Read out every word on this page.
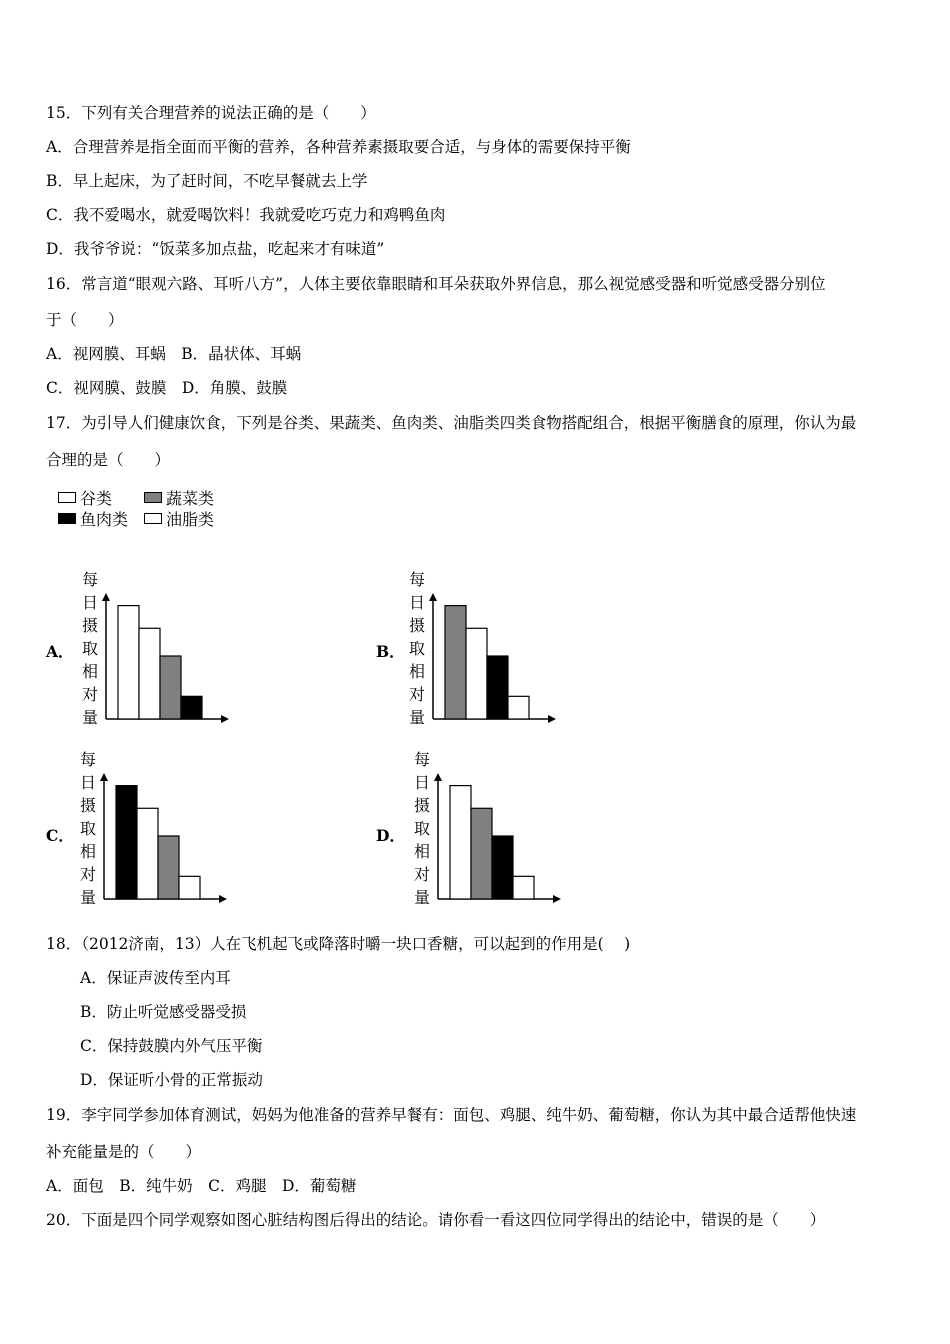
15．下列有关合理营养的说法正确的是（　　）
A．合理营养是指全面而平衡的营养，各种营养素摄取要合适，与身体的需要保持平衡
B．早上起床，为了赶时间，不吃早餐就去上学
C．我不爱喝水，就爱喝饮料！我就爱吃巧克力和鸡鸭鱼肉
D．我爷爷说：“饭菜多加点盐，吃起来才有味道”
16．常言道“眼观六路、耳听八方”，人体主要依靠眼睛和耳朵获取外界信息，那么视觉感受器和听觉感受器分别位
于（　　）
A．视网膜、耳蜗　B．晶状体、耳蜗
C．视网膜、鼓膜　D．角膜、鼓膜
17．为引导人们健康饮食，下列是谷类、果蔬类、鱼肉类、油脂类四类食物搭配组合，根据平衡膳食的原理，你认为最
合理的是（　　）
谷类	蔬菜类
鱼肉类 油脂类
A．	B．
C．	D．
每
日
摄
取
相
对
量
每
日
摄
取
相
对
量
每
日
摄
取
相
对
量
每
日
摄
取
相
对
量
18．（2012济南，13）人在飞机起飞或降落时嚼一块口香糖，可以起到的作用是(　 )
A．保证声波传至内耳
B．防止听觉感受器受损
C．保持鼓膜内外气压平衡
D．保证听小骨的正常振动
19．李宇同学参加体育测试，妈妈为他准备的营养早餐有：面包、鸡腿、纯牛奶、葡萄糖，你认为其中最合适帮他快速
补充能量是的（　　）
A．面包　B．纯牛奶　C．鸡腿　D．葡萄糖
20．下面是四个同学观察如图心脏结构图后得出的结论。请你看一看这四位同学得出的结论中，错误的是（　　）
